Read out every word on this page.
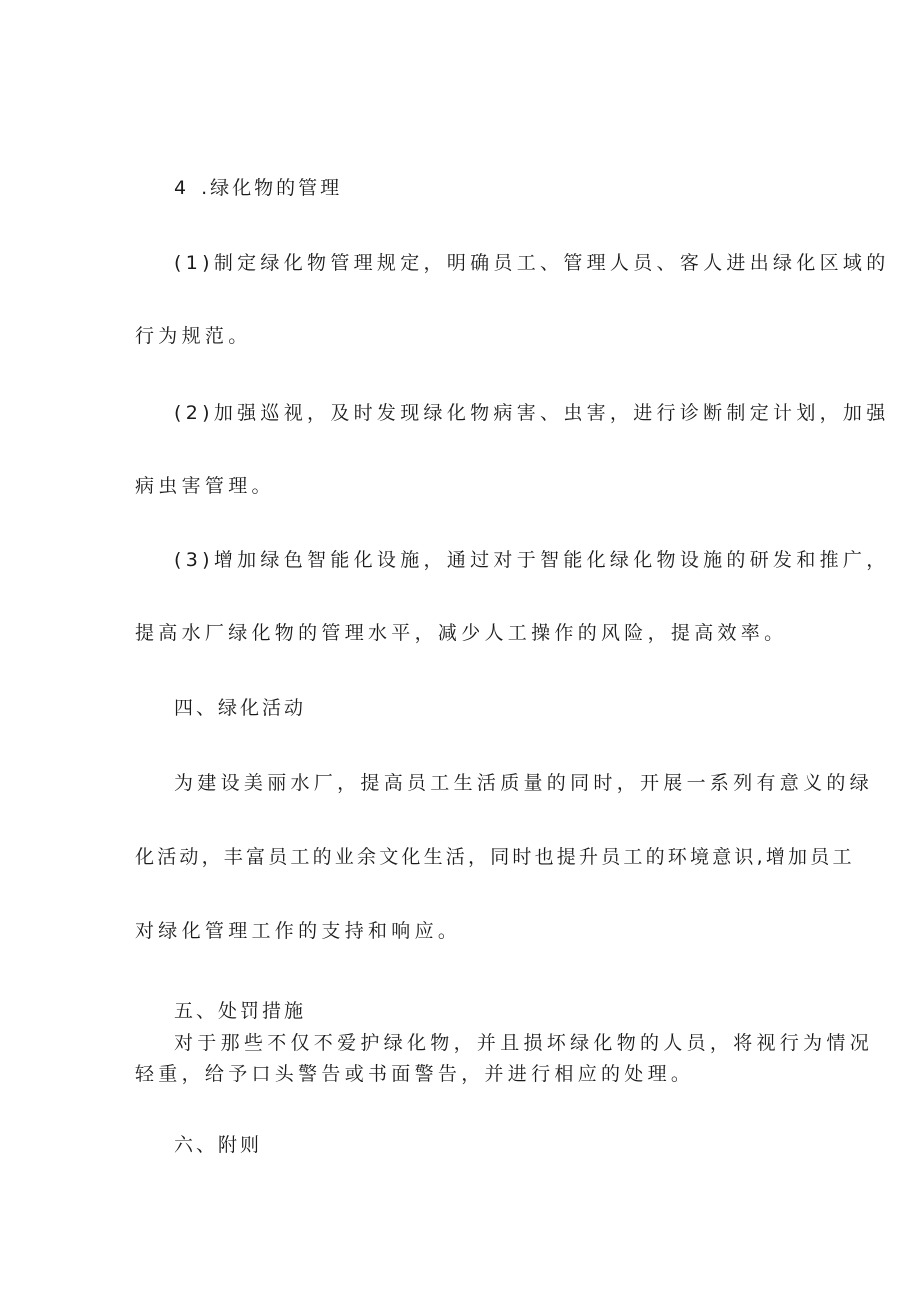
4 .绿化物的管理
(1)制定绿化物管理规定，明确员工、管理人员、客人进出绿化区域的
行为规范。
(2)加强巡视，及时发现绿化物病害、虫害，进行诊断制定计划，加强
病虫害管理。
(3)增加绿色智能化设施，通过对于智能化绿化物设施的研发和推广，
提高水厂绿化物的管理水平，减少人工操作的风险，提高效率。
四、绿化活动
为建设美丽水厂，提高员工生活质量的同时，开展一系列有意义的绿
化活动，丰富员工的业余文化生活，同时也提升员工的环境意识,增加员工
对绿化管理工作的支持和响应。
五、处罚措施
对于那些不仅不爱护绿化物，并且损坏绿化物的人员，将视行为情况
轻重，给予口头警告或书面警告，并进行相应的处理。
六、附则
